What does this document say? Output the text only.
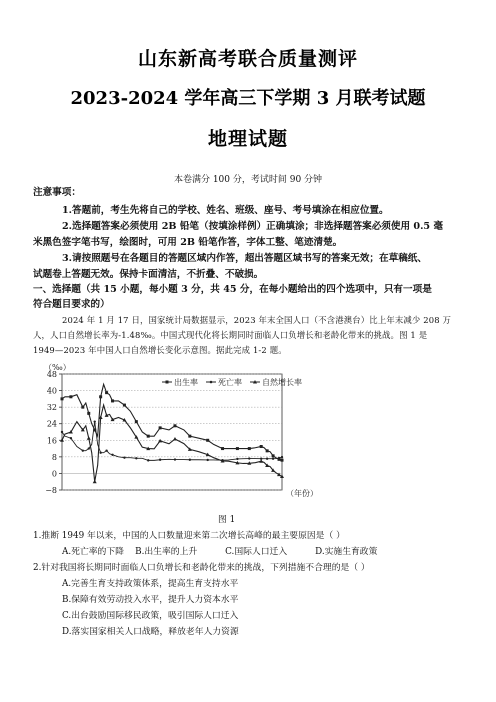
山东新高考联合质量测评
2023-2024 学年高三下学期 3 月联考试题
地理试题
本卷满分 100 分，考试时间 90 分钟
注意事项：
1.答题前，考生先将自己的学校、姓名、班级、座号、考号填涂在相应位置。
2.选择题答案必须使用 2B 铅笔（按填涂样例）正确填涂；非选择题答案必须使用 0.5 毫
米黑色签字笔书写，绘图时，可用 2B 铅笔作答，字体工整、笔迹清楚。
3.请按照题号在各题目的答题区域内作答，超出答题区域书写的答案无效；在草稿纸、
试题卷上答题无效。保持卡面清洁，不折叠、不破损。
一、选择题（共 15 小题，每小题 3 分，共 45 分，在每小题给出的四个选项中，只有一项是
符合题目要求的）
2024 年 1 月 17 日，国家统计局数据显示，2023 年末全国人口（不含港澳台）比上年末减少 208 万
人，人口自然增长率为-1.48‰。中国式现代化将长期同时面临人口负增长和老龄化带来的挑战。图 1 是
1949—2023 年中国人口自然增长变化示意图。据此完成 1-2 题。
48
40
32
24
16
8
0
−8
（‰）
（年份）
出生率	死亡率	自然增长率
图 1
1.推断 1949 年以来，中国的人口数量迎来第二次增长高峰的最主要原因是（ ）
A.死亡率的下降    B.出生率的上升          C.国际人口迁入          D.实施生育政策
2.针对我国将长期同时面临人口负增长和老龄化带来的挑战，下列措施不合理的是（ ）
A.完善生育支持政策体系，提高生育支持水平
B.保障有效劳动投入水平，提升人力资本水平
C.出台鼓励国际移民政策，吸引国际人口迁入
D.落实国家相关人口战略，释放老年人力资源
